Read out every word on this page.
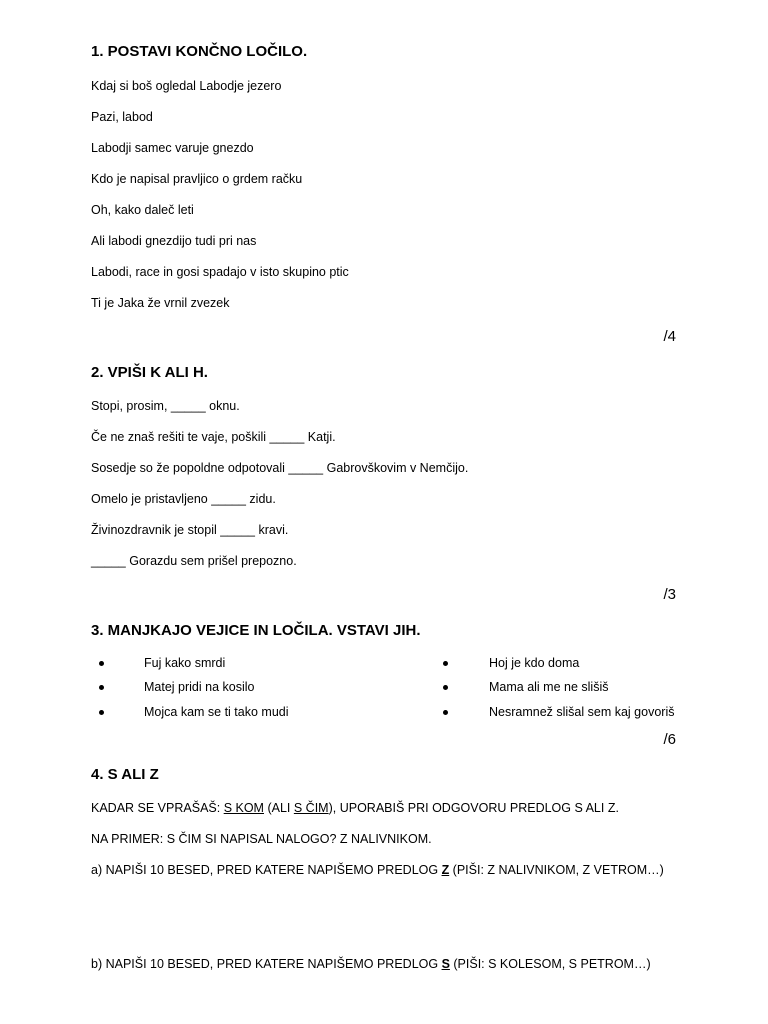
1. POSTAVI KONČNO LOČILO.
Kdaj si boš ogledal Labodje jezero
Pazi, labod
Labodji samec varuje gnezdo
Kdo je napisal pravljico o grdem račku
Oh, kako daleč leti
Ali labodi gnezdijo tudi pri nas
Labodi, race in gosi spadajo v isto skupino ptic
Ti je Jaka že vrnil zvezek
/4
2. VPIŠI K ALI H.
Stopi, prosim, _____ oknu.
Če ne znaš rešiti te vaje, poškili _____ Katji.
Sosedje so že popoldne odpotovali _____ Gabrovškovim v Nemčijo.
Omelo je pristavljeno _____ zidu.
Živinozdravnik je stopil _____ kravi.
_____ Gorazdu sem prišel prepozno.
/3
3. MANJKAJO VEJICE IN LOČILA. VSTAVI JIH.
Fuj kako smrdi
Matej pridi na kosilo
Mojca kam se ti tako mudi
Hoj je kdo doma
Mama ali me ne slišiš
Nesramnež slišal sem kaj govoriš
/6
4. S ALI Z
KADAR SE VPRAŠAŠ: S KOM (ALI S ČIM), UPORABIŠ PRI ODGOVORU PREDLOG S ALI Z.
NA PRIMER: S ČIM SI NAPISAL NALOGO? Z NALIVNIKOM.
a) NAPIŠI 10 BESED, PRED KATERE NAPIŠEMO PREDLOG Z (PIŠI: Z NALIVNIKOM, Z VETROM…)
b) NAPIŠI 10 BESED, PRED KATERE NAPIŠEMO PREDLOG S (PIŠI: S KOLESOM, S PETROM…)
